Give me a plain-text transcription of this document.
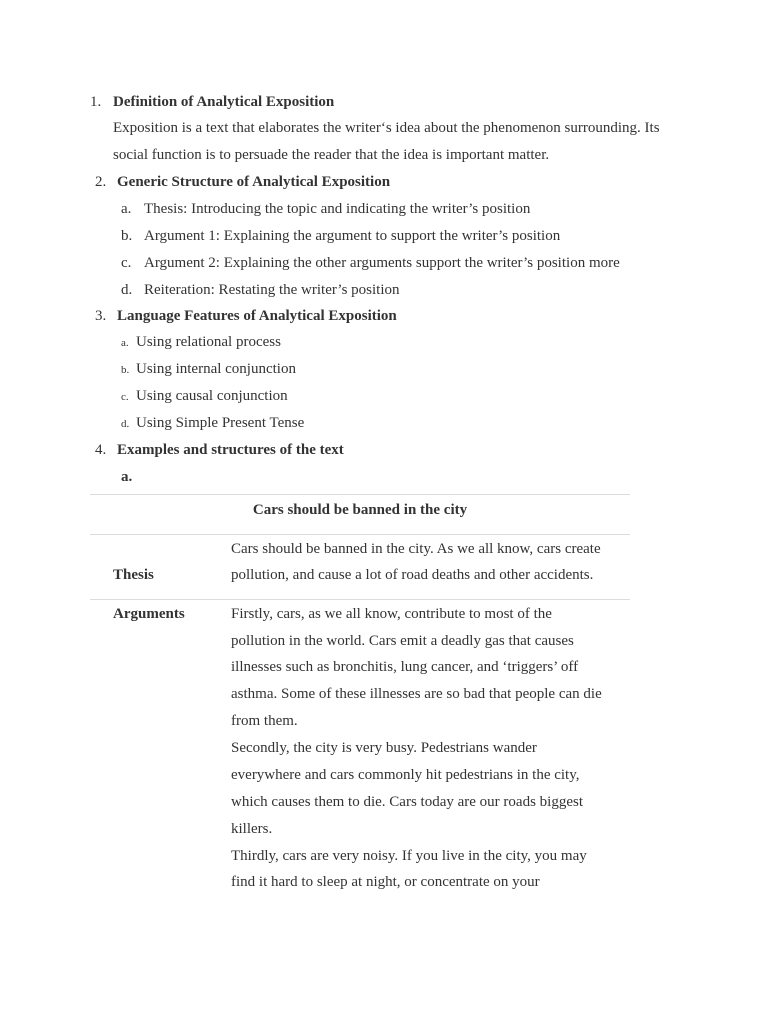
1. Definition of Analytical Exposition
Exposition is a text that elaborates the writer‘s idea about the phenomenon surrounding. Its
social function is to persuade the reader that the idea is important matter.
2. Generic Structure of Analytical Exposition
a. Thesis: Introducing the topic and indicating the writer’s position
b. Argument 1: Explaining the argument to support the writer’s position
c. Argument 2: Explaining the other arguments support the writer’s position more
d. Reiteration: Restating the writer’s position
3. Language Features of Analytical Exposition
a. Using relational process
b. Using internal conjunction
c. Using causal conjunction
d. Using Simple Present Tense
4. Examples and structures of the text
a.
Cars should be banned in the city
Thesis
Cars should be banned in the city. As we all know, cars create
pollution, and cause a lot of road deaths and other accidents.
Arguments	Firstly, cars, as we all know, contribute to most of the
pollution in the world. Cars emit a deadly gas that causes
illnesses such as bronchitis, lung cancer, and ‘triggers’ off
asthma. Some of these illnesses are so bad that people can die
from them.
Secondly, the city is very busy. Pedestrians wander
everywhere and cars commonly hit pedestrians in the city,
which causes them to die. Cars today are our roads biggest
killers.
Thirdly, cars are very noisy. If you live in the city, you may
find it hard to sleep at night, or concentrate on your
